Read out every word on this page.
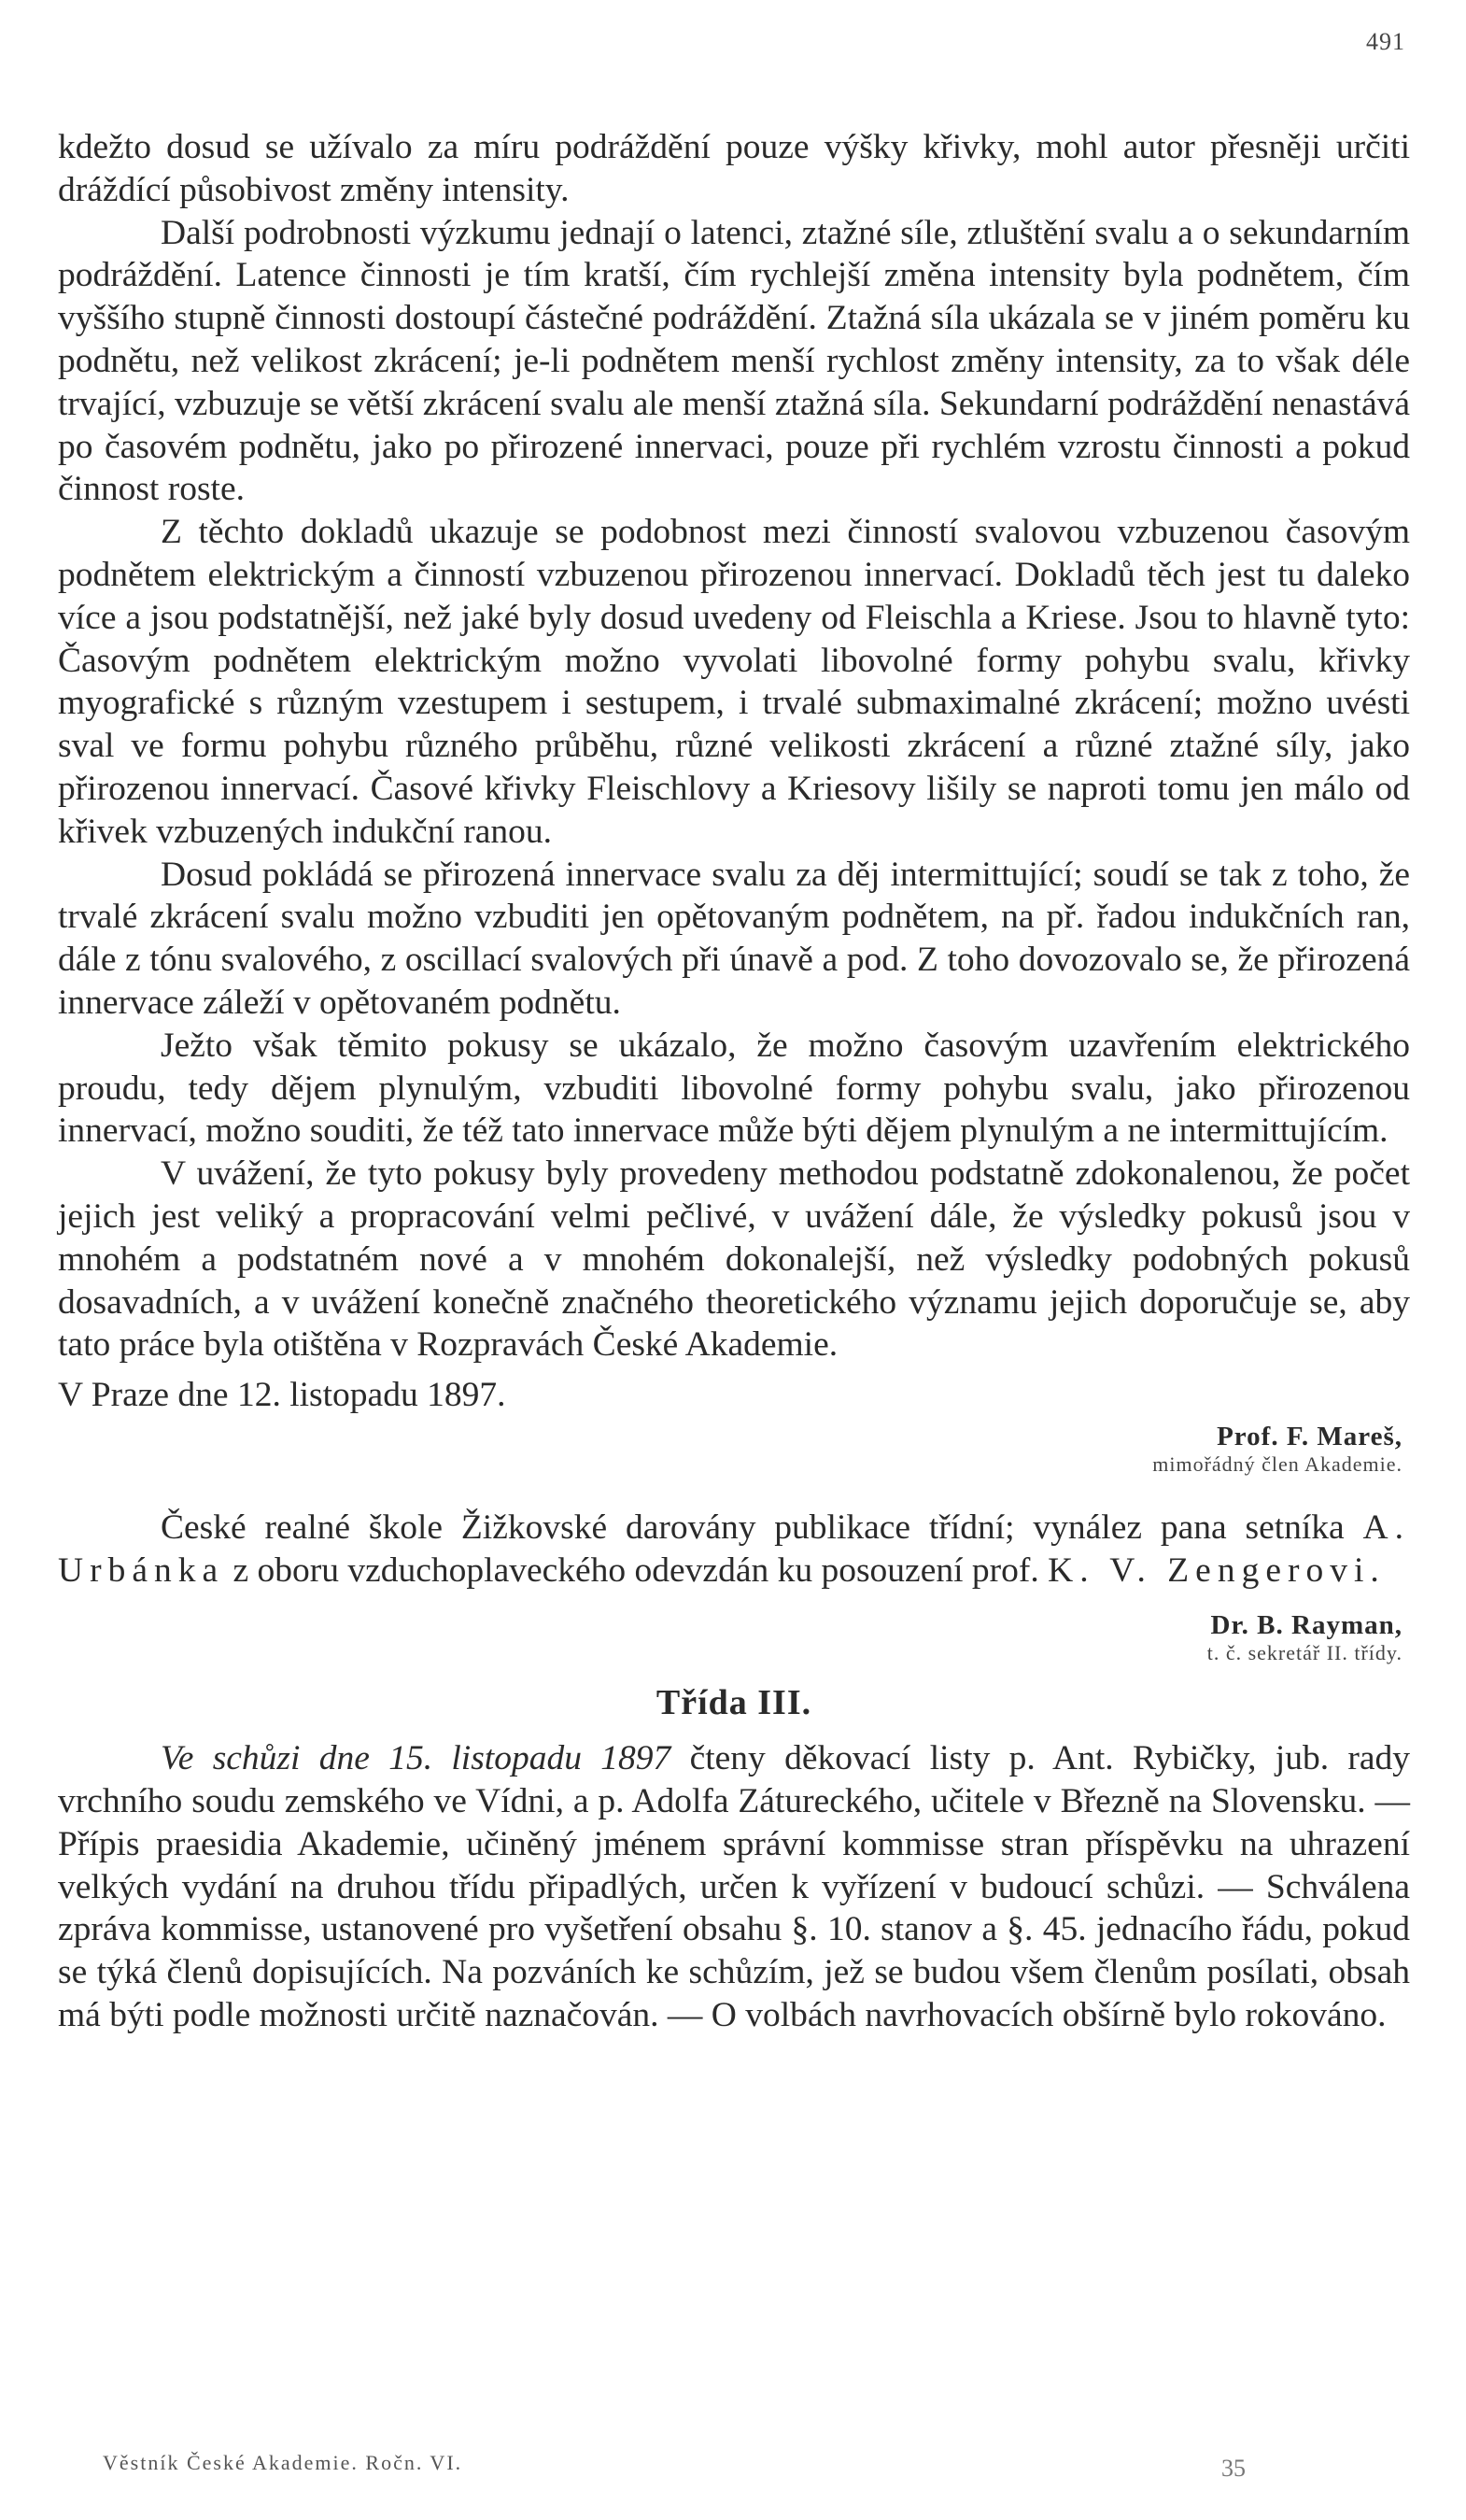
491

kdežto dosud se užívalo za míru podráždění pouze výšky křivky, mohl autor přesněji určiti dráždící působivost změny intensity.

Další podrobnosti výzkumu jednají o latenci, ztažné síle, ztluštění svalu a o sekundarním podráždění. Latence činnosti je tím kratší, čím rychlejší změna intensity byla podnětem, čím vyššího stupně činnosti dostoupí částečné podráždění. Ztažná síla ukázala se v jiném poměru ku podnětu, než velikost zkrácení; je-li podnětem menší rychlost změny intensity, za to však déle trvající, vzbuzuje se větší zkrácení svalu ale menší ztažná síla. Sekundarní podráždění nenastává po časovém podnětu, jako po přirozené innervaci, pouze při rychlém vzrostu činnosti a pokud činnost roste.

Z těchto dokladů ukazuje se podobnost mezi činností svalovou vzbuzenou časovým podnětem elektrickým a činností vzbuzenou přirozenou innervací. Dokladů těch jest tu daleko více a jsou podstatnější, než jaké byly dosud uvedeny od Fleischla a Kriese. Jsou to hlavně tyto: Časovým podnětem elektrickým možno vyvolati libovolné formy pohybu svalu, křivky myografické s různým vzestupem i sestupem, i trvalé submaximalné zkrácení; možno uvésti sval ve formu pohybu různého průběhu, různé velikosti zkrácení a různé ztažné síly, jako přirozenou innervací. Časové křivky Fleischlovy a Kriesovy lišily se naproti tomu jen málo od křivek vzbuzených indukční ranou.

Dosud pokládá se přirozená innervace svalu za děj intermittující; soudí se tak z toho, že trvalé zkrácení svalu možno vzbuditi jen opětovaným podnětem, na př. řadou indukčních ran, dále z tónu svalového, z oscillací svalových při únavě a pod. Z toho dovozovalo se, že přirozená innervace záleží v opětovaném podnětu.

Ježto však těmito pokusy se ukázalo, že možno časovým uzavřením elektrického proudu, tedy dějem plynulým, vzbuditi libovolné formy pohybu svalu, jako přirozenou innervací, možno souditi, že též tato innervace může býti dějem plynulým a ne intermittujícím.

V uvážení, že tyto pokusy byly provedeny methodou podstatně zdokonalenou, že počet jejich jest veliký a propracování velmi pečlivé, v uvážení dále, že výsledky pokusů jsou v mnohém a podstatném nové a v mnohém dokonalejší, než výsledky podobných pokusů dosavadních, a v uvážení konečně značného theoretického významu jejich doporučuje se, aby tato práce byla otištěna v Rozpravách České Akademie.

V Praze dne 12. listopadu 1897.

Prof. F. Mareš,
mimořádný člen Akademie.

České realné škole Žižkovské darovány publikace třídní; vynález pana setníka A. Urbánka z oboru vzduchoplaveckého odevzdán ku posouzení prof. K. V. Zengerovi.

Dr. B. Rayman,
t. č. sekretář II. třídy.
Třída III.

Ve schůzi dne 15. listopadu 1897 čteny děkovací listy p. Ant. Rybičky, jub. rady vrchního soudu zemského ve Vídni, a p. Adolfa Zátureckého, učitele v Březně na Slovensku. — Přípis praesidia Akademie, učiněný jménem správní kommisse stran příspěvku na uhrazení velkých vydání na druhou třídu připadlých, určen k vyřízení v budoucí schůzi. — Schválena zpráva kommisse, ustanovené pro vyšetření obsahu §. 10. stanov a §. 45. jednacího řádu, pokud se týká členů dopisujících. Na pozváních ke schůzím, jež se budou všem členům posílati, obsah má býti podle možnosti určitě naznačován. — O volbách navrhovacích obšírně bylo rokováno.

Věstník České Akademie. Ročn. VI.	35
